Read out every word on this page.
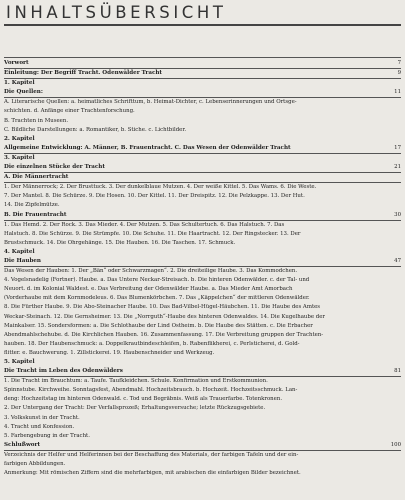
INHALTSÜBERSICHT
Vorwort	7
Einleitung: Der Begriff Tracht. Odenwälder Tracht	9
1. Kapitel
Die Quellen:	11
A. Literarische Quellen: a. heimatliches Schrifttum, b. Heimat-Dichter, c. Lebenserinnerungen und Ortsge-
schichten. d. Anfänge einer Trachtenforschung.
B. Trachten in Museen.
C. Bildliche Darstellungen: a. Romantiker, b. Stiche. c. Lichtbilder.
2. Kapitel
Allgemeine Entwicklung: A. Männer, B. Frauentracht. C. Das Wesen der Odenwälder Tracht	17
3. Kapitel
Die einzelnen Stücke der Tracht	21
A. Die Männertracht
1. Der Männerrock; 2. Der Brusttuck. 3. Der dunkelblaue Mutzen. 4. Der weiße Kittel. 5. Das Wams. 6. Die Weste.
7. Der Mantel. 8. Die Schürze. 9. Die Hosen. 10. Der Kittel. 11. Der Dreispitz. 12. Die Pelzkappe. 13. Der Hut.
14. Die Zipfelmütze.
B. Die Frauentracht	30
1. Das Hemd. 2. Der Rock. 3. Das Mieder. 4. Der Mutzen. 5. Das Schultertuch. 6. Das Halstuch. 7. Das
Halstuch. 8. Die Schürze. 9. Die Strümpfe. 10. Die Schuhe. 11. Die Haartracht. 12. Der Ringstecker. 13. Der
Brustschmuck. 14. Die Ohrgehänge. 15. Die Hauben. 16. Die Taschen. 17. Schmuck.
4. Kapitel
Die Hauben	47
Das Wesen der Hauben: 1. Der „Bän“ oder Schwarzmagen“. 2. Die dreiteilige Haube. 3. Das Kommodchen.
4. Vogelsnadelig (Fortner). Haube. a. Das Untere Neckar-Streisach. b. Die hinteren Odenwälder. c. der Tal- und
Neuort. d. im Kolonial Waldest. e. Das Verbreitung der Odenwälder Haube. a. Das Mieder Amt Amorbach
(Vorderhaube mit dem Kornmodeleus. 6. Das Blumenkörbchen. 7. Das „Käppelchen“ der mittleren Odenwälder.
8. Die Fürther Haube. 9. Die Abo-Steinacher Haube. 10. Das Bad-Vilbel-Hügel-Häubchen. 11. Die Haube des Amtes
Weckar-Steinach. 12. Die Gernsheimer. 13. Die „Norrguth“-Haube des hinteren Odenwaldes. 14. Die Kugelhaube der
Mainkalser. 15. Sondersformen: a. Die Schlothaube der Lind Ostheim. b. Die Haube des Stätten. c. Die Erbacher
Abendmahlschehube. d. Die Kirchlichen Hauben. 16. Zusammenfassung. 17. Die Verbreitung gruppen der Trachten-
hauben. 18. Der Haubenschmuck: a. Doppelkrautbindeschleifen, b. Rabenflikherei, c. Perlsticherei, d. Gold-
flitter. e. Bauchwerung. 1. Zillstickerei. 19. Haubenschneider und Werkzeug.
5. Kapitel
Die Tracht im Leben des Odenwälders	81
1. Die Tracht im Brauchtum: a. Taufe. Taufkleidchen. Schule. Konfirmation und Erstkommunion.
Spinnstube. Kirchweihe. Sonntagsfest, Abendmahl. Hochzeitsbrauch. b. Hochzeit. Hochzeitsschmuck. Lan-
deng: Hochzeitstag im hinteren Odenwald. c. Tod und Begräbnis. Weiß als Trauerfarbe. Totenkronen.
2. Der Untergang der Tracht: Der Verfallsprozeß; Erhaltungsversuche; letzte Rückzugsgebiete.
3. Volkskunst in der Tracht.
4. Tracht und Konfession.
5. Farbengebung in der Tracht.
Schlußwort	100
Verzeichnis der Helfer und Helferinnen bei der Beschaffung des Materials, der farbigen Tafeln und der ein-
farbigen Abbildungen.
Anmerkung: Mit römischen Ziffern sind die mehrfarbigen, mit arabischen die einfarbigen Bilder bezeichnet.
